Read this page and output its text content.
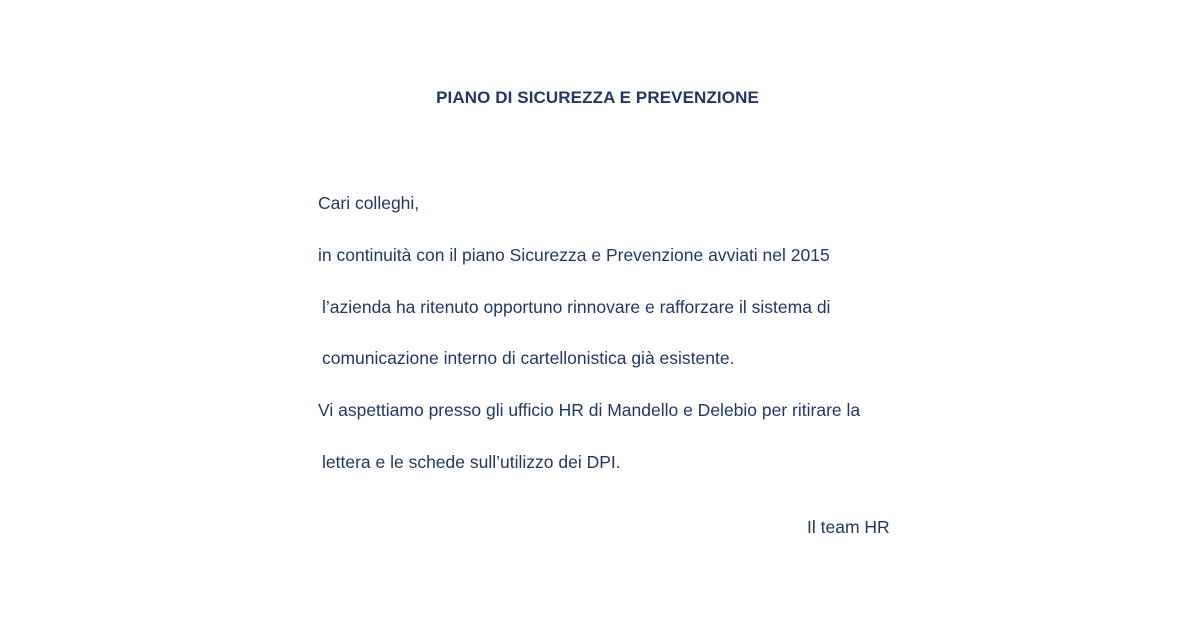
PIANO DI SICUREZZA E PREVENZIONE
Cari colleghi,
in continuità con il piano Sicurezza e Prevenzione avviati nel 2015
l’azienda ha ritenuto opportuno rinnovare e rafforzare il sistema di
comunicazione interno di cartellonistica già esistente.
Vi aspettiamo presso gli ufficio HR di Mandello e Delebio per ritirare la
lettera e le schede sull’utilizzo dei DPI.
Il team HR
